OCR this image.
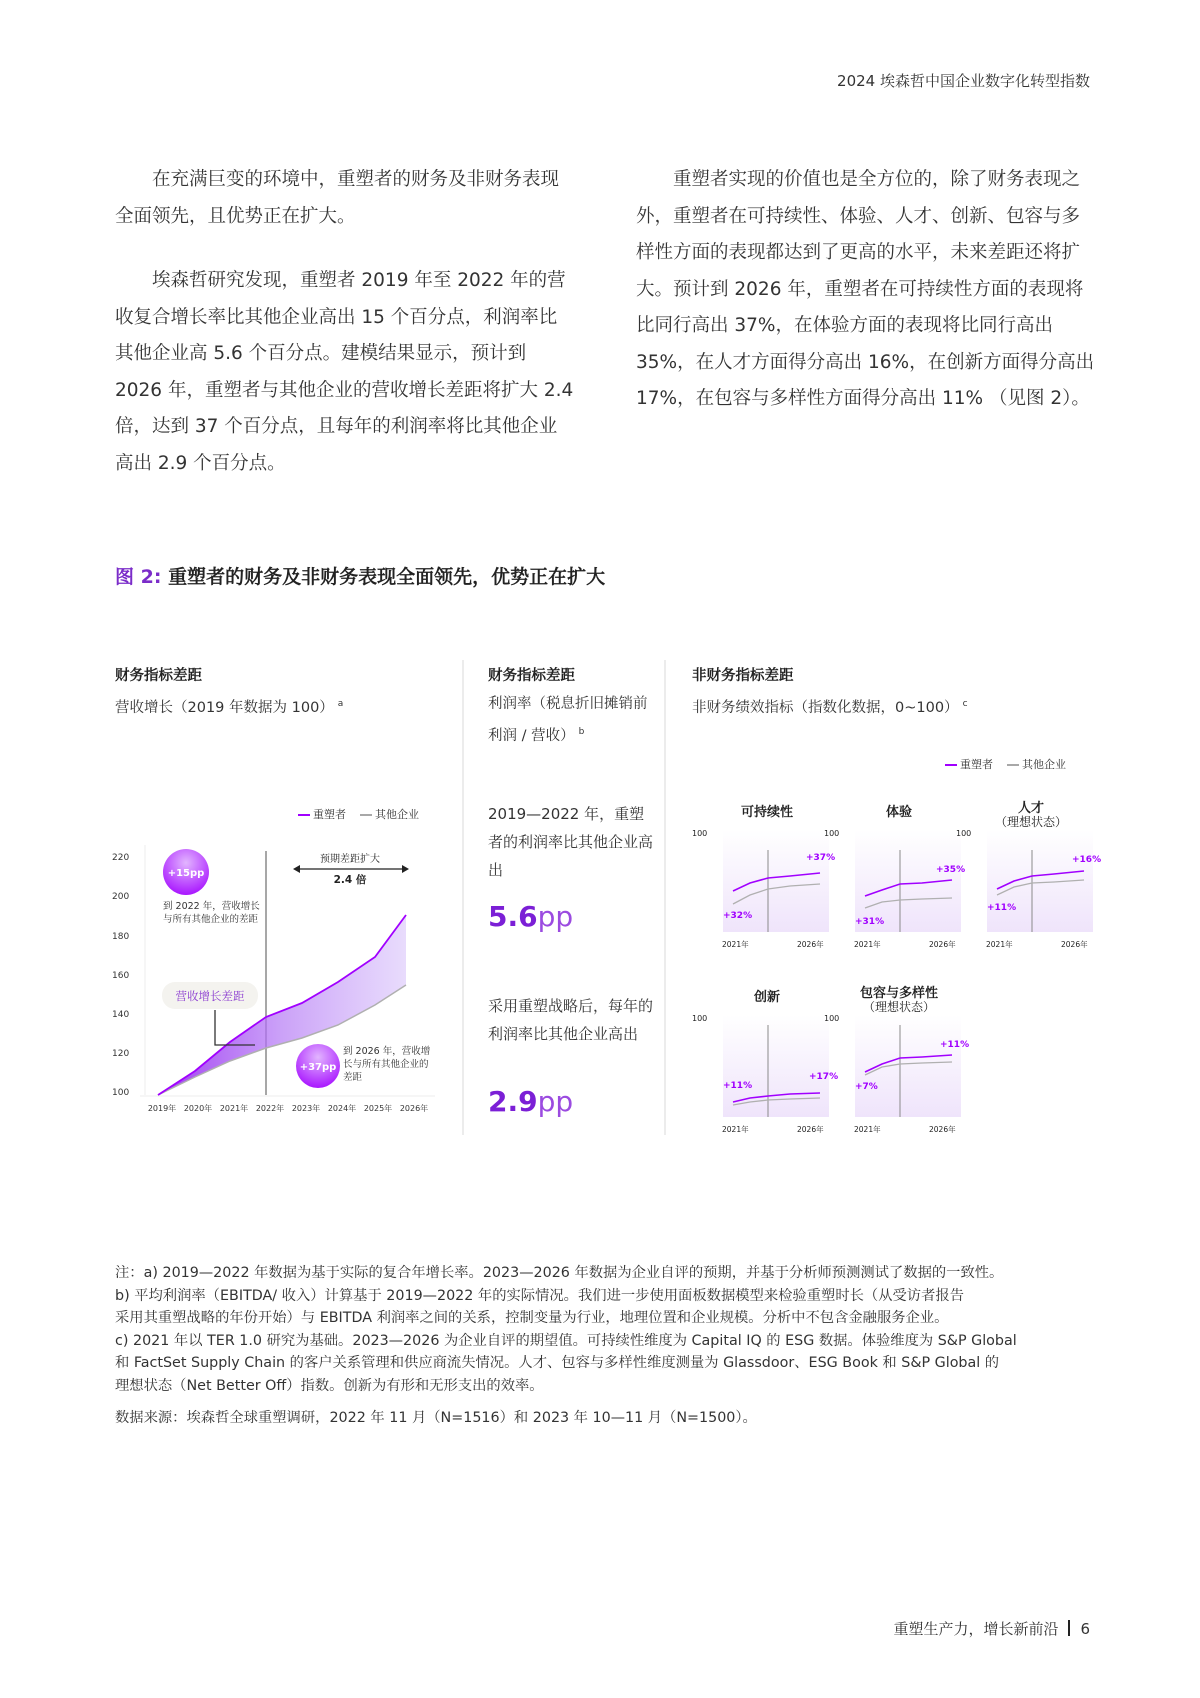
2024 埃森哲中国企业数字化转型指数

在充满巨变的环境中，重塑者的财务及非财务表现全面领先，且优势正在扩大。

埃森哲研究发现，重塑者 2019 年至 2022 年的营收复合增长率比其他企业高出 15 个百分点，利润率比其他企业高 5.6 个百分点。建模结果显示，预计到 2026 年，重塑者与其他企业的营收增长差距将扩大 2.4 倍，达到 37 个百分点，且每年的利润率将比其他企业高出 2.9 个百分点。

重塑者实现的价值也是全方位的，除了财务表现之外，重塑者在可持续性、体验、人才、创新、包容与多样性方面的表现都达到了更高的水平，未来差距还将扩大。预计到 2026 年，重塑者在可持续性方面的表现将比同行高出 37%，在体验方面的表现将比同行高出 35%，在人才方面得分高出 16%，在创新方面得分高出 17%，在包容与多样性方面得分高出 11% （见图 2）。

图 2: 重塑者的财务及非财务表现全面领先，优势正在扩大
财务指标差距
营收增长（2019 年数据为 100） $^a$
重塑者	其他企业
220
200
180
160
140
120
100
+15pp
到 2022 年，营收增长与所有其他企业的差距
营收增长差距
预期差距扩大
2.4 倍
+37pp
到 2026 年，营收增长与所有其他企业的差距
2019年 2020年 2021年 2022年 2023年 2024年 2025年 2026年
财务指标差距
利润率（税息折旧摊销前利润 / 营收） $^b$
2019—2022 年，重塑者的利润率比其他企业高出
5.6pp
采用重塑战略后，每年的利润率比其他企业高出
2.9pp
非财务指标差距
非财务绩效指标（指数化数据，0~100） $^c$
重塑者	其他企业
可持续性
100
+32%
+37%
2021年	2026年
体验
100
+31%
+35%
2021年	2026年
人才
（理想状态）
100
+11%
+16%
2021年	2026年
创新
100
+11%
+17%
2021年	2026年
包容与多样性
（理想状态）
100
+7%
+11%
2021年	2026年
注：a) 2019—2022 年数据为基于实际的复合年增长率。2023—2026 年数据为企业自评的预期，并基于分析师预测测试了数据的一致性。
b) 平均利润率（EBITDA/ 收入）计算基于 2019—2022 年的实际情况。我们进一步使用面板数据模型来检验重塑时长（从受访者报告
采用其重塑战略的年份开始）与 EBITDA 利润率之间的关系，控制变量为行业，地理位置和企业规模。分析中不包含金融服务企业。
c) 2021 年以 TER 1.0 研究为基础。2023—2026 为企业自评的期望值。可持续性维度为 Capital IQ 的 ESG 数据。体验维度为 S&P Global
和 FactSet Supply Chain 的客户关系管理和供应商流失情况。人才、包容与多样性维度测量为 Glassdoor、ESG Book 和 S&P Global 的
理想状态（Net Better Off）指数。创新为有形和无形支出的效率。
数据来源：埃森哲全球重塑调研，2022 年 11 月（N=1516）和 2023 年 10—11 月（N=1500）。
重塑生产力，增长新前沿 6
